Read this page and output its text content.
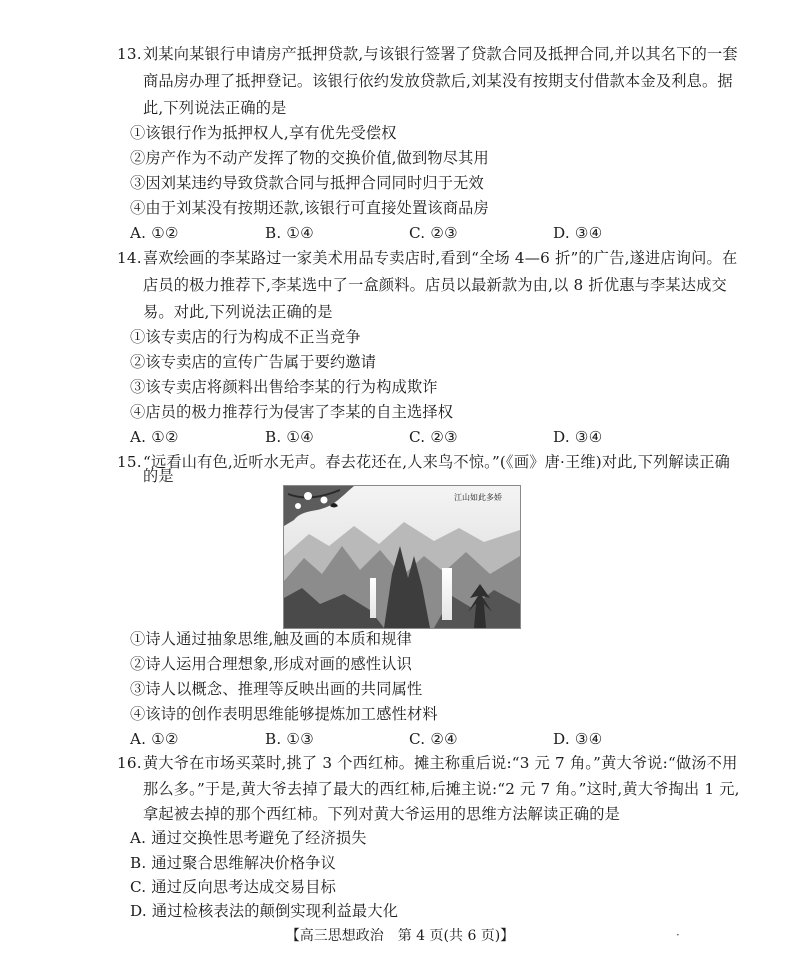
13.刘某向某银行申请房产抵押贷款,与该银行签署了贷款合同及抵押合同,并以其名下的一套
商品房办理了抵押登记。该银行依约发放贷款后,刘某没有按期支付借款本金及利息。据
此,下列说法正确的是
①该银行作为抵押权人,享有优先受偿权
②房产作为不动产发挥了物的交换价值,做到物尽其用
③因刘某违约导致贷款合同与抵押合同同时归于无效
④由于刘某没有按期还款,该银行可直接处置该商品房
A. ①②	B. ①④	C. ②③	D. ③④
14.喜欢绘画的李某路过一家美术用品专卖店时,看到“全场 4—6 折”的广告,遂进店询问。在
店员的极力推荐下,李某选中了一盒颜料。店员以最新款为由,以 8 折优惠与李某达成交
易。对此,下列说法正确的是
①该专卖店的行为构成不正当竞争
②该专卖店的宣传广告属于要约邀请
③该专卖店将颜料出售给李某的行为构成欺诈
④店员的极力推荐行为侵害了李某的自主选择权
A. ①②	B. ①④	C. ②③	D. ③④
15.“远看山有色,近听水无声。春去花还在,人来鸟不惊。”(《画》唐·王维)对此,下列解读正确
的是
江山如此多娇
①诗人通过抽象思维,触及画的本质和规律
②诗人运用合理想象,形成对画的感性认识
③诗人以概念、推理等反映出画的共同属性
④该诗的创作表明思维能够提炼加工感性材料
A. ①②	B. ①③	C. ②④	D. ③④
16.黄大爷在市场买菜时,挑了 3 个西红柿。摊主称重后说:“3 元 7 角。”黄大爷说:“做汤不用
那么多。”于是,黄大爷去掉了最大的西红柿,后摊主说:“2 元 7 角。”这时,黄大爷掏出 1 元,
拿起被去掉的那个西红柿。下列对黄大爷运用的思维方法解读正确的是
A. 通过交换性思考避免了经济损失
B. 通过聚合思维解决价格争议
C. 通过反向思考达成交易目标
D. 通过检核表法的颠倒实现利益最大化
【高三思想政治　第 4 页(共 6 页)】	·
